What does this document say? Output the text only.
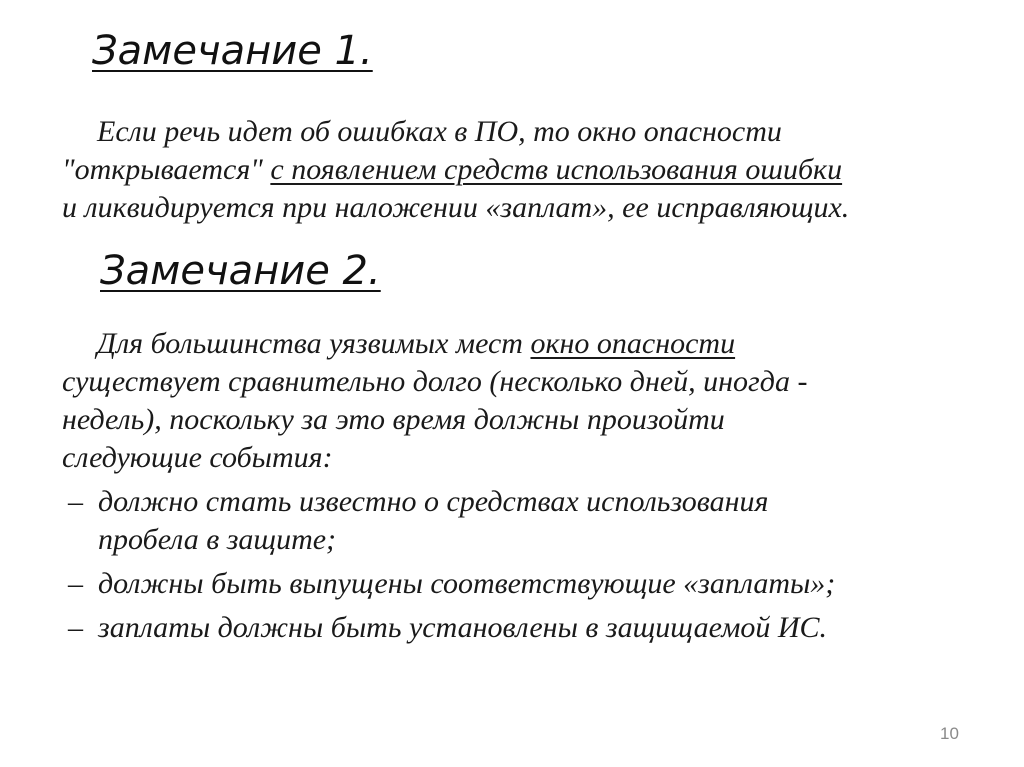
Замечание 1.

Если речь идет об ошибках в ПО, то окно опасности
"открывается" с появлением средств использования ошибки
и ликвидируется при наложении «заплат», ее исправляющих.

Замечание 2.

Для большинства уязвимых мест окно опасности
существует сравнительно долго (несколько дней, иногда -
недель), поскольку за это время должны произойти
следующие события:

– должно стать известно о средствах использования
пробела в защите;
– должны быть выпущены соответствующие «заплаты»;
– заплаты должны быть установлены в защищаемой ИС.
10
